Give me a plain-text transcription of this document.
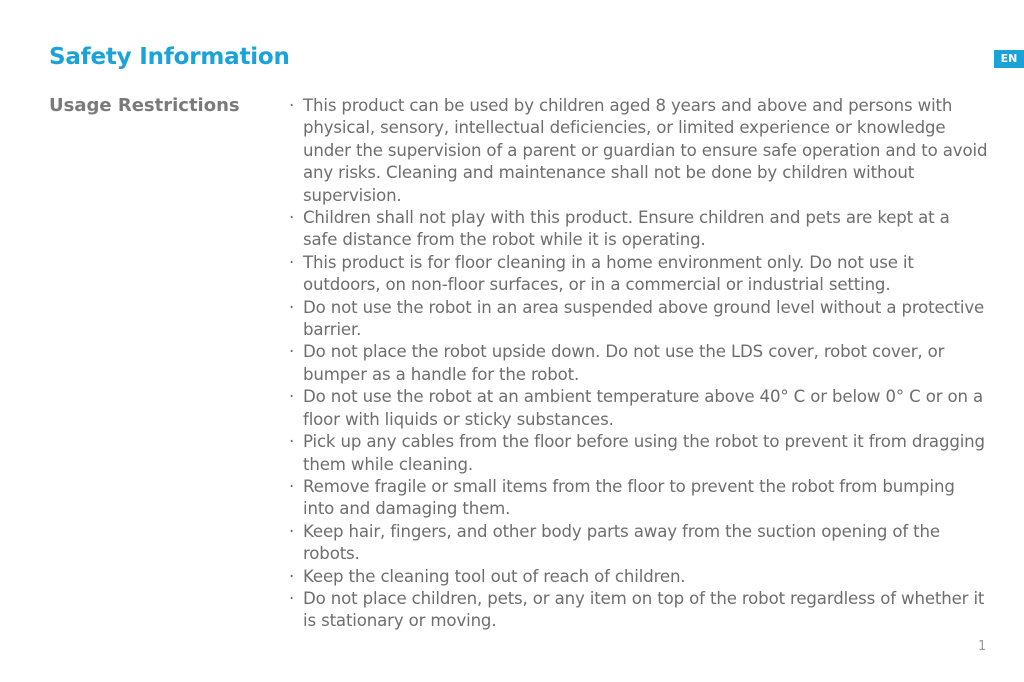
Safety Information	EN
Usage Restrictions	· This product can be used by children aged 8 years and above and persons with physical, sensory, intellectual deficiencies, or limited experience or knowledge under the supervision of a parent or guardian to ensure safe operation and to avoid any risks. Cleaning and maintenance shall not be done by children without supervision.
· Children shall not play with this product. Ensure children and pets are kept at a safe distance from the robot while it is operating.
· This product is for floor cleaning in a home environment only. Do not use it outdoors, on non-floor surfaces, or in a commercial or industrial setting.
· Do not use the robot in an area suspended above ground level without a protective barrier.
· Do not place the robot upside down. Do not use the LDS cover, robot cover, or bumper as a handle for the robot.
· Do not use the robot at an ambient temperature above 40° C or below 0° C or on a floor with liquids or sticky substances.
· Pick up any cables from the floor before using the robot to prevent it from dragging them while cleaning.
· Remove fragile or small items from the floor to prevent the robot from bumping into and damaging them.
· Keep hair, fingers, and other body parts away from the suction opening of the robots.
· Keep the cleaning tool out of reach of children.
· Do not place children, pets, or any item on top of the robot regardless of whether it is stationary or moving.
1
